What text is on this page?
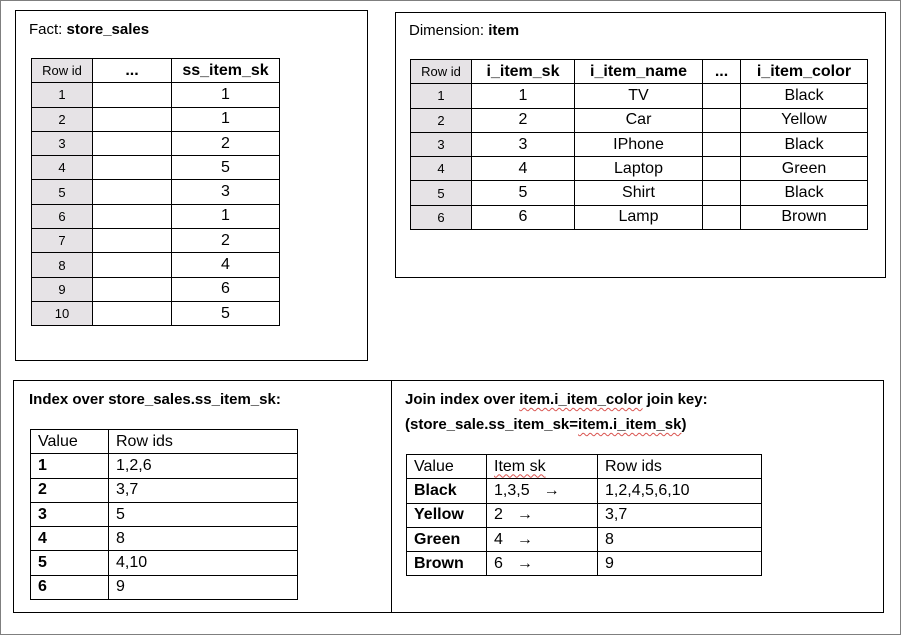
Fact: store_sales
Row id	...	ss_item_sk
1		1
2		1
3		2
4		5
5		3
6		1
7		2
8		4
9		6
10		5
Dimension: item
Row id	i_item_sk	i_item_name	...	i_item_color
1	1	TV		Black
2	2	Car		Yellow
3	3	IPhone		Black
4	4	Laptop		Green
5	5	Shirt		Black
6	6	Lamp		Brown
Index over store_sales.ss_item_sk:
Value	Row ids
1	1,2,6
2	3,7
3	5
4	8
5	4,10
6	9
Join index over item.i_item_color join key:
(store_sale.ss_item_sk=item.i_item_sk)
Value	Item sk	Row ids
Black	1,3,5 →	1,2,4,5,6,10
Yellow	2 →	3,7
Green	4 →	8
Brown	6 →	9
